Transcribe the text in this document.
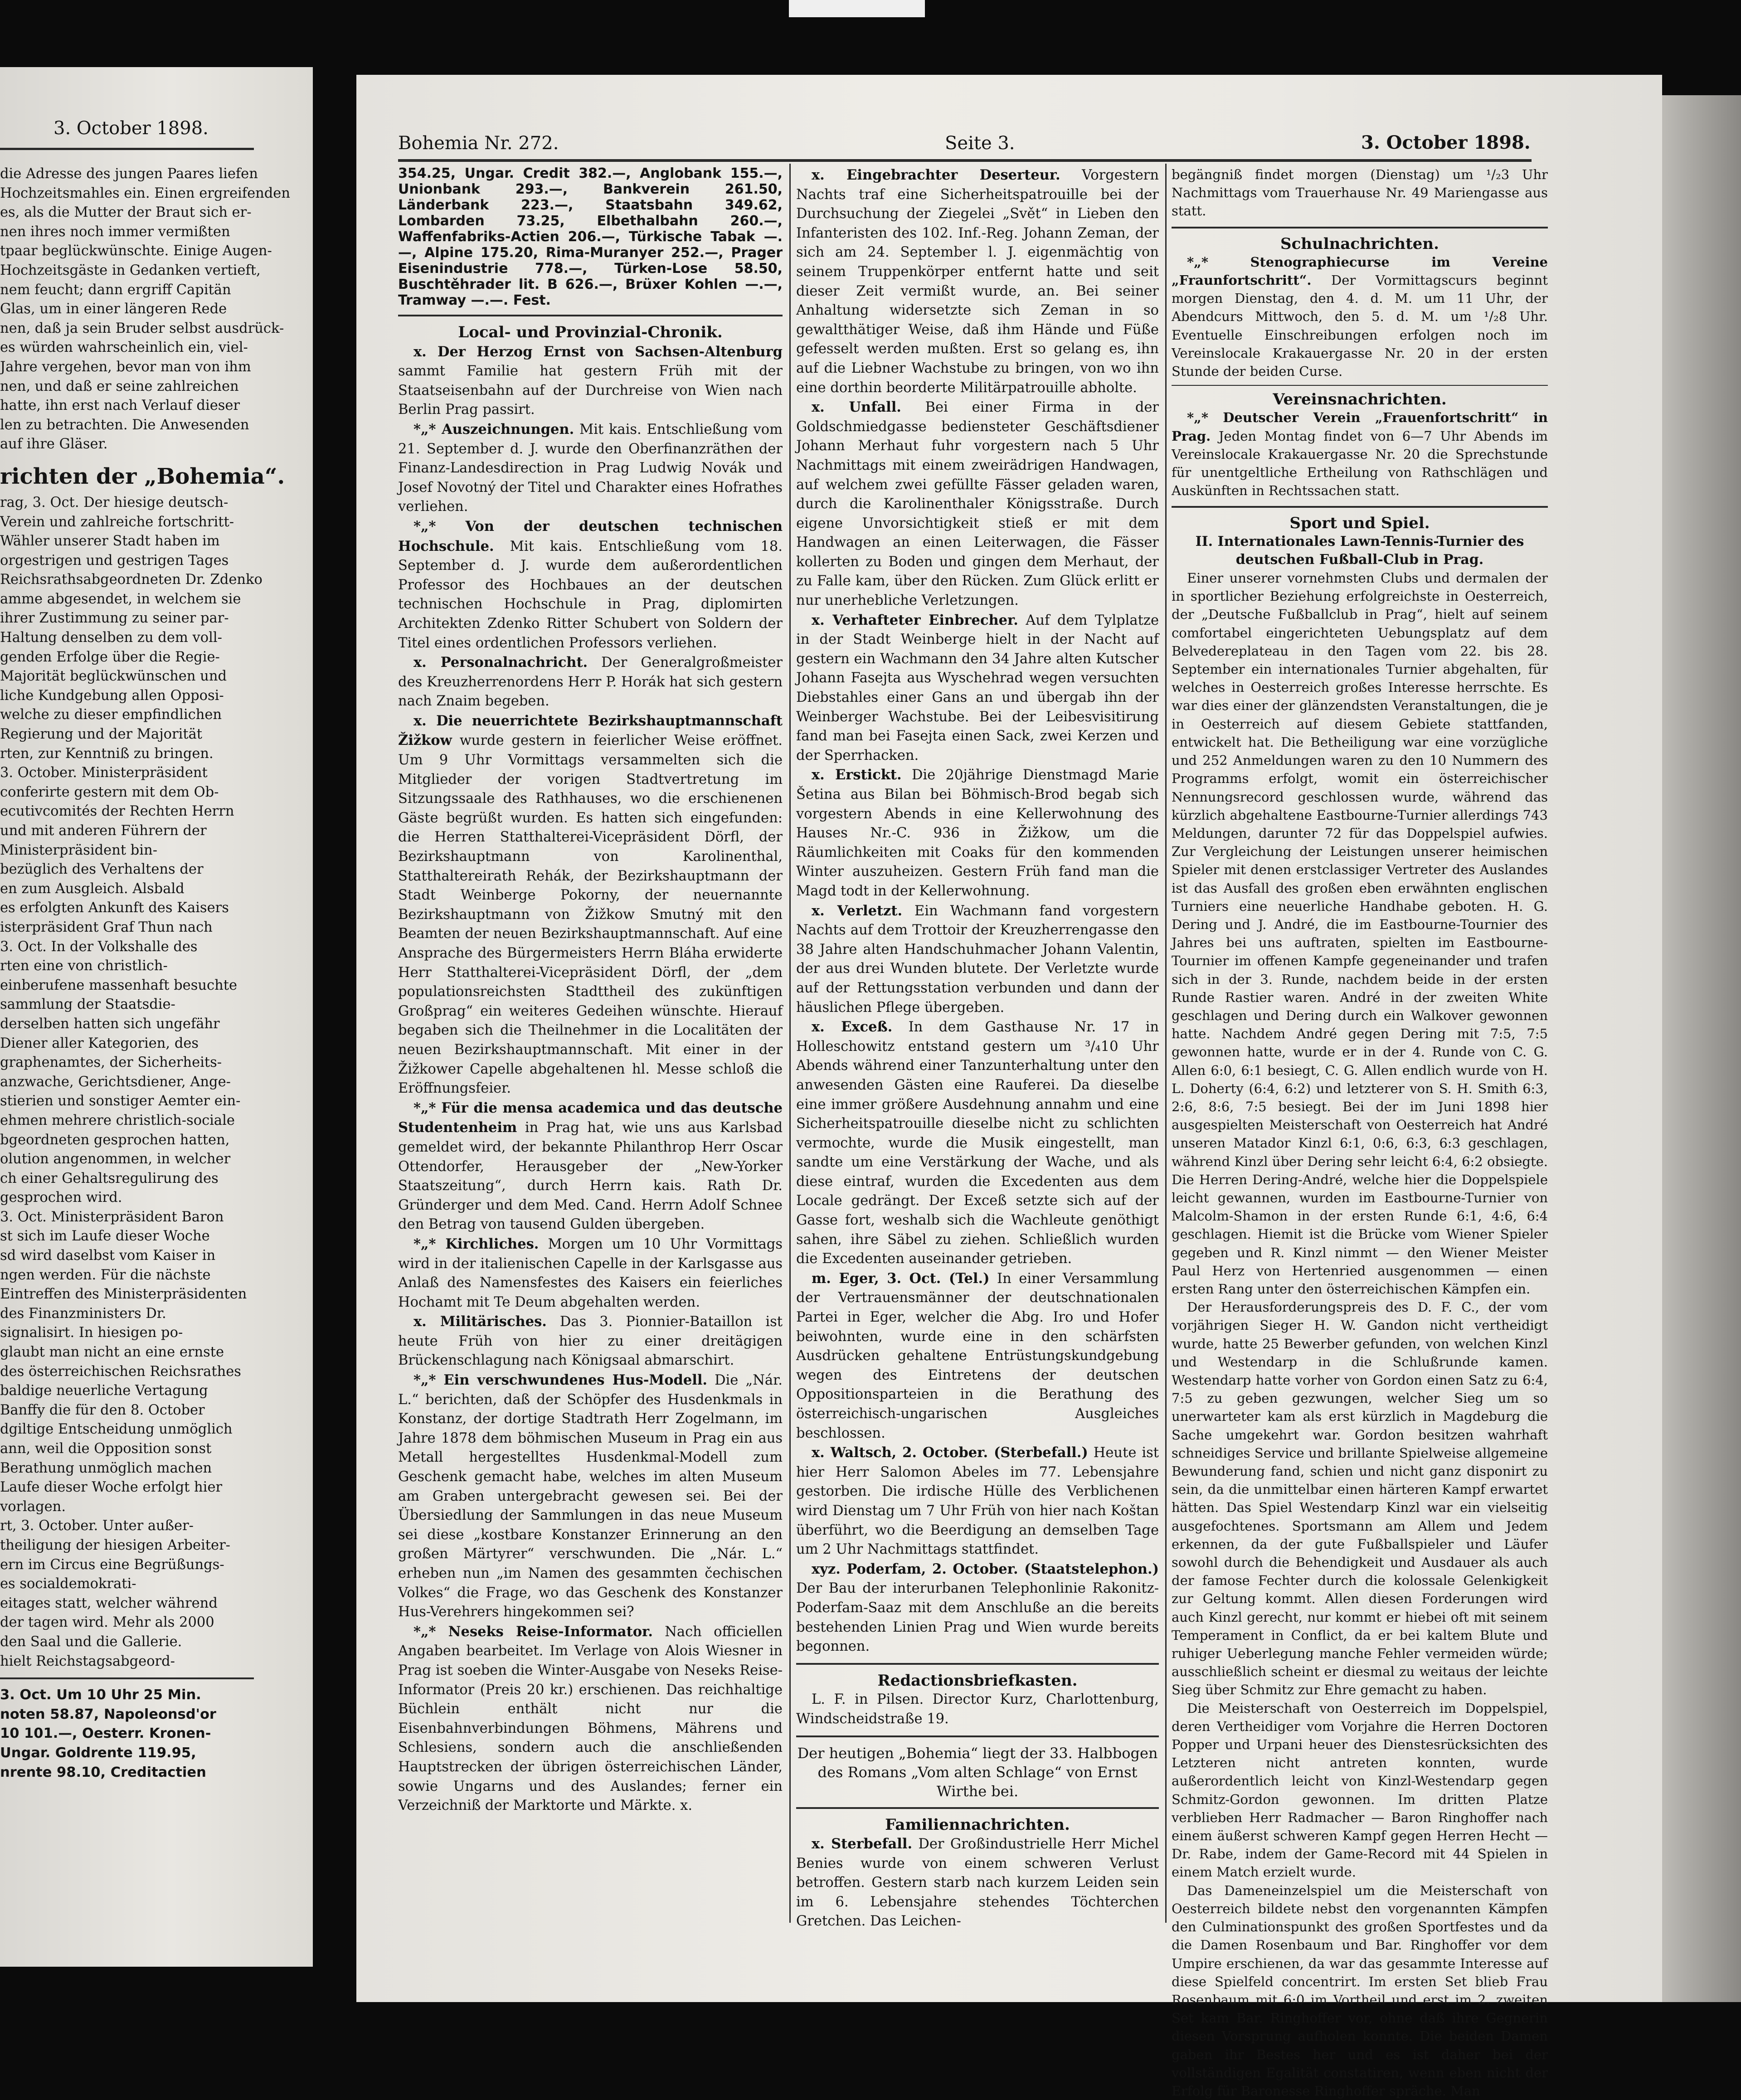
3. October 1898.
die Adresse des jungen Paares liefen
Hochzeitsmahles ein. Einen ergreifenden
es, als die Mutter der Braut sich er-
nen ihres noch immer vermißten
tpaar beglückwünschte. Einige Augen-
Hochzeitsgäste in Gedanken vertieft,
nem feucht; dann ergriff Capitän
Glas, um in einer längeren Rede
nen, daß ja sein Bruder selbst ausdrück-
es würden wahrscheinlich ein, viel-
Jahre vergehen, bevor man von ihm
nen, und daß er seine zahlreichen
hatte, ihn erst nach Verlauf dieser
len zu betrachten. Die Anwesenden
auf ihre Gläser.
richten der „Bohemia“.
rag, 3. Oct. Der hiesige deutsch-
Verein und zahlreiche fortschritt-
Wähler unserer Stadt haben im
orgestrigen und gestrigen Tages
Reichsrathsabgeordneten Dr. Zdenko
amme abgesendet, in welchem sie
ihrer Zustimmung zu seiner par-
Haltung denselben zu dem voll-
genden Erfolge über die Regie-
Majorität beglückwünschen und
liche Kundgebung allen Opposi-
welche zu dieser empfindlichen
Regierung und der Majorität
rten, zur Kenntniß zu bringen.
3. October. Ministerpräsident
conferirte gestern mit dem Ob-
ecutivcomités der Rechten Herrn
und mit anderen Führern der
Ministerpräsident bin-
bezüglich des Verhaltens der
en zum Ausgleich. Alsbald
es erfolgten Ankunft des Kaisers
isterpräsident Graf Thun nach
3. Oct. In der Volkshalle des
rten eine von christlich-
einberufene massenhaft besuchte
sammlung der Staatsdie-
derselben hatten sich ungefähr
Diener aller Kategorien, des
graphenamtes, der Sicherheits-
anzwache, Gerichtsdiener, Ange-
stierien und sonstiger Aemter ein-
ehmen mehrere christlich-sociale
bgeordneten gesprochen hatten,
olution angenommen, in welcher
ch einer Gehaltsregulirung des
gesprochen wird.
3. Oct. Ministerpräsident Baron
st sich im Laufe dieser Woche
sd wird daselbst vom Kaiser in
ngen werden. Für die nächste
Eintreffen des Ministerpräsidenten
des Finanzministers Dr.
signalisirt. In hiesigen po-
glaubt man nicht an eine ernste
des österreichischen Reichsrathes
baldige neuerliche Vertagung
Banffy die für den 8. October
dgiltige Entscheidung unmöglich
ann, weil die Opposition sonst
Berathung unmöglich machen
Laufe dieser Woche erfolgt hier
vorlagen.
rt, 3. October. Unter außer-
theiligung der hiesigen Arbeiter-
ern im Circus eine Begrüßungs-
es socialdemokrati-
eitages statt, welcher während
der tagen wird. Mehr als 2000
den Saal und die Gallerie.
hielt Reichstagsabgeord-
3. Oct. Um 10 Uhr 25 Min.
noten 58.87, Napoleonsd'or
10 101.—, Oesterr. Kronen-
Ungar. Goldrente 119.95,
nrente 98.10, Creditactien
Bohemia Nr. 272.	Seite 3.	3. October 1898.

354.25, Ungar. Credit 382.—, Anglobank 155.—, Unionbank 293.—, Bankverein 261.50, Länderbank 223.—, Staatsbahn 349.62, Lombarden 73.25, Elbethalbahn 260.—, Waffenfabriks-Actien 206.—, Türkische Tabak —.—, Alpine 175.20, Rima-Muranyer 252.—, Prager Eisenindustrie 778.—, Türken-Lose 58.50, Buschtěhrader lit. B 626.—, Brüxer Kohlen —.—, Tramway —.—. Fest.

Local- und Provinzial-Chronik.

x. Der Herzog Ernst von Sachsen-Altenburg sammt Familie hat gestern Früh mit der Staatseisenbahn auf der Durchreise von Wien nach Berlin Prag passirt.

*„* Auszeichnungen. Mit kais. Entschließung vom 21. September d. J. wurde den Oberfinanzräthen der Finanz-Landesdirection in Prag Ludwig Novák und Josef Novotný der Titel und Charakter eines Hofrathes verliehen.

*„* Von der deutschen technischen Hochschule. Mit kais. Entschließung vom 18. September d. J. wurde dem außerordentlichen Professor des Hochbaues an der deutschen technischen Hochschule in Prag, diplomirten Architekten Zdenko Ritter Schubert von Soldern der Titel eines ordentlichen Professors verliehen.

x. Personalnachricht. Der Generalgroßmeister des Kreuzherrenordens Herr P. Horák hat sich gestern nach Znaim begeben.

x. Die neuerrichtete Bezirkshauptmannschaft Žižkow wurde gestern in feierlicher Weise eröffnet. Um 9 Uhr Vormittags versammelten sich die Mitglieder der vorigen Stadtvertretung im Sitzungssaale des Rathhauses, wo die erschienenen Gäste begrüßt wurden. Es hatten sich eingefunden: die Herren Statthalterei-Vicepräsident Dörfl, der Bezirkshauptmann von Karolinenthal, Statthaltereirath Rehák, der Bezirkshauptmann der Stadt Weinberge Pokorny, der neuernannte Bezirkshauptmann von Žižkow Smutný mit den Beamten der neuen Bezirkshauptmannschaft. Auf eine Ansprache des Bürgermeisters Herrn Bláha erwiderte Herr Statthalterei-Vicepräsident Dörfl, der „dem populationsreichsten Stadttheil des zukünftigen Großprag“ ein weiteres Gedeihen wünschte. Hierauf begaben sich die Theilnehmer in die Localitäten der neuen Bezirkshauptmannschaft. Mit einer in der Žižkower Capelle abgehaltenen hl. Messe schloß die Eröffnungsfeier.

*„* Für die mensa academica und das deutsche Studentenheim in Prag hat, wie uns aus Karlsbad gemeldet wird, der bekannte Philanthrop Herr Oscar Ottendorfer, Herausgeber der „New-Yorker Staatszeitung“, durch Herrn kais. Rath Dr. Gründerger und dem Med. Cand. Herrn Adolf Schnee den Betrag von tausend Gulden übergeben.

*„* Kirchliches. Morgen um 10 Uhr Vormittags wird in der italienischen Capelle in der Karlsgasse aus Anlaß des Namensfestes des Kaisers ein feierliches Hochamt mit Te Deum abgehalten werden.

x. Militärisches. Das 3. Pionnier-Bataillon ist heute Früh von hier zu einer dreitägigen Brückenschlagung nach Königsaal abmarschirt.

*„* Ein verschwundenes Hus-Modell. Die „Nár. L.“ berichten, daß der Schöpfer des Husdenkmals in Konstanz, der dortige Stadtrath Herr Zogelmann, im Jahre 1878 dem böhmischen Museum in Prag ein aus Metall hergestelltes Husdenkmal-Modell zum Geschenk gemacht habe, welches im alten Museum am Graben untergebracht gewesen sei. Bei der Übersiedlung der Sammlungen in das neue Museum sei diese „kostbare Konstanzer Erinnerung an den großen Märtyrer“ verschwunden. Die „Nár. L.“ erheben nun „im Namen des gesammten čechischen Volkes“ die Frage, wo das Geschenk des Konstanzer Hus-Verehrers hingekommen sei?

*„* Neseks Reise-Informator. Nach officiellen Angaben bearbeitet. Im Verlage von Alois Wiesner in Prag ist soeben die Winter-Ausgabe von Neseks Reise-Informator (Preis 20 kr.) erschienen. Das reichhaltige Büchlein enthält nicht nur die Eisenbahnverbindungen Böhmens, Mährens und Schlesiens, sondern auch die anschließenden Hauptstrecken der übrigen österreichischen Länder, sowie Ungarns und des Auslandes; ferner ein Verzeichniß der Marktorte und Märkte. x.

x. Eingebrachter Deserteur. Vorgestern Nachts traf eine Sicherheitspatrouille bei der Durchsuchung der Ziegelei „Svět“ in Lieben den Infanteristen des 102. Inf.-Reg. Johann Zeman, der sich am 24. September l. J. eigenmächtig von seinem Truppenkörper entfernt hatte und seit dieser Zeit vermißt wurde, an. Bei seiner Anhaltung widersetzte sich Zeman in so gewaltthätiger Weise, daß ihm Hände und Füße gefesselt werden mußten. Erst so gelang es, ihn auf die Liebner Wachstube zu bringen, von wo ihn eine dorthin beorderte Militärpatrouille abholte.

x. Unfall. Bei einer Firma in der Goldschmiedgasse bediensteter Geschäftsdiener Johann Merhaut fuhr vorgestern nach 5 Uhr Nachmittags mit einem zweirädrigen Handwagen, auf welchem zwei gefüllte Fässer geladen waren, durch die Karolinenthaler Königsstraße. Durch eigene Unvorsichtigkeit stieß er mit dem Handwagen an einen Leiterwagen, die Fässer kollerten zu Boden und gingen dem Merhaut, der zu Falle kam, über den Rücken. Zum Glück erlitt er nur unerhebliche Verletzungen.

x. Verhafteter Einbrecher. Auf dem Tylplatze in der Stadt Weinberge hielt in der Nacht auf gestern ein Wachmann den 34 Jahre alten Kutscher Johann Fasejta aus Wyschehrad wegen versuchten Diebstahles einer Gans an und übergab ihn der Weinberger Wachstube. Bei der Leibesvisitirung fand man bei Fasejta einen Sack, zwei Kerzen und der Sperrhacken.

x. Erstickt. Die 20jährige Dienstmagd Marie Šetina aus Bilan bei Böhmisch-Brod begab sich vorgestern Abends in eine Kellerwohnung des Hauses Nr.-C. 936 in Žižkow, um die Räumlichkeiten mit Coaks für den kommenden Winter auszuheizen. Gestern Früh fand man die Magd todt in der Kellerwohnung.

x. Verletzt. Ein Wachmann fand vorgestern Nachts auf dem Trottoir der Kreuzherrengasse den 38 Jahre alten Handschuhmacher Johann Valentin, der aus drei Wunden blutete. Der Verletzte wurde auf der Rettungsstation verbunden und dann der häuslichen Pflege übergeben.

x. Exceß. In dem Gasthause Nr. 17 in Holleschowitz entstand gestern um ³/₄10 Uhr Abends während einer Tanzunterhaltung unter den anwesenden Gästen eine Rauferei. Da dieselbe eine immer größere Ausdehnung annahm und eine Sicherheitspatrouille dieselbe nicht zu schlichten vermochte, wurde die Musik eingestellt, man sandte um eine Verstärkung der Wache, und als diese eintraf, wurden die Excedenten aus dem Locale gedrängt. Der Exceß setzte sich auf der Gasse fort, weshalb sich die Wachleute genöthigt sahen, ihre Säbel zu ziehen. Schließlich wurden die Excedenten auseinander getrieben.

m. Eger, 3. Oct. (Tel.) In einer Versammlung der Vertrauensmänner der deutschnationalen Partei in Eger, welcher die Abg. Iro und Hofer beiwohnten, wurde eine in den schärfsten Ausdrücken gehaltene Entrüstungskundgebung wegen des Eintretens der deutschen Oppositionsparteien in die Berathung des österreichisch-ungarischen Ausgleiches beschlossen.

x. Waltsch, 2. October. (Sterbefall.) Heute ist hier Herr Salomon Abeles im 77. Lebensjahre gestorben. Die irdische Hülle des Verblichenen wird Dienstag um 7 Uhr Früh von hier nach Koštan überführt, wo die Beerdigung an demselben Tage um 2 Uhr Nachmittags stattfindet.

xyz. Poderfam, 2. October. (Staatstelephon.) Der Bau der interurbanen Telephonlinie Rakonitz-Poderfam-Saaz mit dem Anschluße an die bereits bestehenden Linien Prag und Wien wurde bereits begonnen.

Redactionsbriefkasten.

L. F. in Pilsen. Director Kurz, Charlottenburg, Windscheidstraße 19.

Der heutigen „Bohemia“ liegt der 33. Halbbogen des Romans „Vom alten Schlage“ von Ernst Wirthe bei.

Familiennachrichten.

x. Sterbefall. Der Großindustrielle Herr Michel Benies wurde von einem schweren Verlust betroffen. Gestern starb nach kurzem Leiden sein im 6. Lebensjahre stehendes Töchterchen Gretchen. Das Leichen-

begängniß findet morgen (Dienstag) um ¹/₂3 Uhr Nachmittags vom Trauerhause Nr. 49 Mariengasse aus statt.

Schulnachrichten.

*„* Stenographiecurse im Vereine „Fraunfortschritt“. Der Vormittagscurs beginnt morgen Dienstag, den 4. d. M. um 11 Uhr, der Abendcurs Mittwoch, den 5. d. M. um ¹/₂8 Uhr. Eventuelle Einschreibungen erfolgen noch im Vereinslocale Krakauergasse Nr. 20 in der ersten Stunde der beiden Curse.

Vereinsnachrichten.

*„* Deutscher Verein „Frauenfortschritt“ in Prag. Jeden Montag findet von 6—7 Uhr Abends im Vereinslocale Krakauergasse Nr. 20 die Sprechstunde für unentgeltliche Ertheilung von Rathschlägen und Auskünften in Rechtssachen statt.

Sport und Spiel.

II. Internationales Lawn-Tennis-Turnier des deutschen Fußball-Club in Prag.

Einer unserer vornehmsten Clubs und dermalen der in sportlicher Beziehung erfolgreichste in Oesterreich, der „Deutsche Fußballclub in Prag“, hielt auf seinem comfortabel eingerichteten Uebungsplatz auf dem Belvedereplateau in den Tagen vom 22. bis 28. September ein internationales Turnier abgehalten, für welches in Oesterreich großes Interesse herrschte. Es war dies einer der glänzendsten Veranstaltungen, die je in Oesterreich auf diesem Gebiete stattfanden, entwickelt hat. Die Betheiligung war eine vorzügliche und 252 Anmeldungen waren zu den 10 Nummern des Programms erfolgt, womit ein österreichischer Nennungsrecord geschlossen wurde, während das kürzlich abgehaltene Eastbourne-Turnier allerdings 743 Meldungen, darunter 72 für das Doppelspiel aufwies. Zur Vergleichung der Leistungen unserer heimischen Spieler mit denen erstclassiger Vertreter des Auslandes ist das Ausfall des großen eben erwähnten englischen Turniers eine neuerliche Handhabe geboten. H. G. Dering und J. André, die im Eastbourne-Tournier des Jahres bei uns auftraten, spielten im Eastbourne-Tournier im offenen Kampfe gegeneinander und trafen sich in der 3. Runde, nachdem beide in der ersten Runde Rastier waren. André in der zweiten White geschlagen und Dering durch ein Walkover gewonnen hatte. Nachdem André gegen Dering mit 7:5, 7:5 gewonnen hatte, wurde er in der 4. Runde von C. G. Allen 6:0, 6:1 besiegt, C. G. Allen endlich wurde von H. L. Doherty (6:4, 6:2) und letzterer von S. H. Smith 6:3, 2:6, 8:6, 7:5 besiegt. Bei der im Juni 1898 hier ausgespielten Meisterschaft von Oesterreich hat André unseren Matador Kinzl 6:1, 0:6, 6:3, 6:3 geschlagen, während Kinzl über Dering sehr leicht 6:4, 6:2 obsiegte. Die Herren Dering-André, welche hier die Doppelspiele leicht gewannen, wurden im Eastbourne-Turnier von Malcolm-Shamon in der ersten Runde 6:1, 4:6, 6:4 geschlagen. Hiemit ist die Brücke vom Wiener Spieler gegeben und R. Kinzl nimmt — den Wiener Meister Paul Herz von Hertenried ausgenommen — einen ersten Rang unter den österreichischen Kämpfen ein.

Der Herausforderungspreis des D. F. C., der vom vorjährigen Sieger H. W. Gandon nicht vertheidigt wurde, hatte 25 Bewerber gefunden, von welchen Kinzl und Westendarp in die Schlußrunde kamen. Westendarp hatte vorher von Gordon einen Satz zu 6:4, 7:5 zu geben gezwungen, welcher Sieg um so unerwarteter kam als erst kürzlich in Magdeburg die Sache umgekehrt war. Gordon besitzen wahrhaft schneidiges Service und brillante Spielweise allgemeine Bewunderung fand, schien und nicht ganz disponirt zu sein, da die unmittelbar einen härteren Kampf erwartet hätten. Das Spiel Westendarp Kinzl war ein vielseitig ausgefochtenes. Sportsmann am Allem und Jedem erkennen, da der gute Fußballspieler und Läufer sowohl durch die Behendigkeit und Ausdauer als auch der famose Fechter durch die kolossale Gelenkigkeit zur Geltung kommt. Allen diesen Forderungen wird auch Kinzl gerecht, nur kommt er hiebei oft mit seinem Temperament in Conflict, da er bei kaltem Blute und ruhiger Ueberlegung manche Fehler vermeiden würde; ausschließlich scheint er diesmal zu weitaus der leichte Sieg über Schmitz zur Ehre gemacht zu haben.

Die Meisterschaft von Oesterreich im Doppelspiel, deren Vertheidiger vom Vorjahre die Herren Doctoren Popper und Urpani heuer des Dienstesrücksichten des Letzteren nicht antreten konnten, wurde außerordentlich leicht von Kinzl-Westendarp gegen Schmitz-Gordon gewonnen. Im dritten Platze verblieben Herr Radmacher — Baron Ringhoffer nach einem äußerst schweren Kampf gegen Herren Hecht — Dr. Rabe, indem der Game-Record mit 44 Spielen in einem Match erzielt wurde.

Das Dameneinzelspiel um die Meisterschaft von Oesterreich bildete nebst den vorgenannten Kämpfen den Culminationspunkt des großen Sportfestes und da die Damen Rosenbaum und Bar. Ringhoffer vor dem Umpire erschienen, da war das gesammte Interesse auf diese Spielfeld concentrirt. Im ersten Set blieb Frau Rosenbaum mit 6:0 im Vortheil und erst im 2. zweiten Set kam Bar. Ringhoffer vor, ohne daß ihre Gegnerin diesen Vorsprung aufholen konnte. Die beiden Damen gaben ihr Bestes her und es ist daher bei der vollständigen Egalität constatiren, wenn eben nicht der Erfolg für Baronesse Ringhoffer spräche. Man
